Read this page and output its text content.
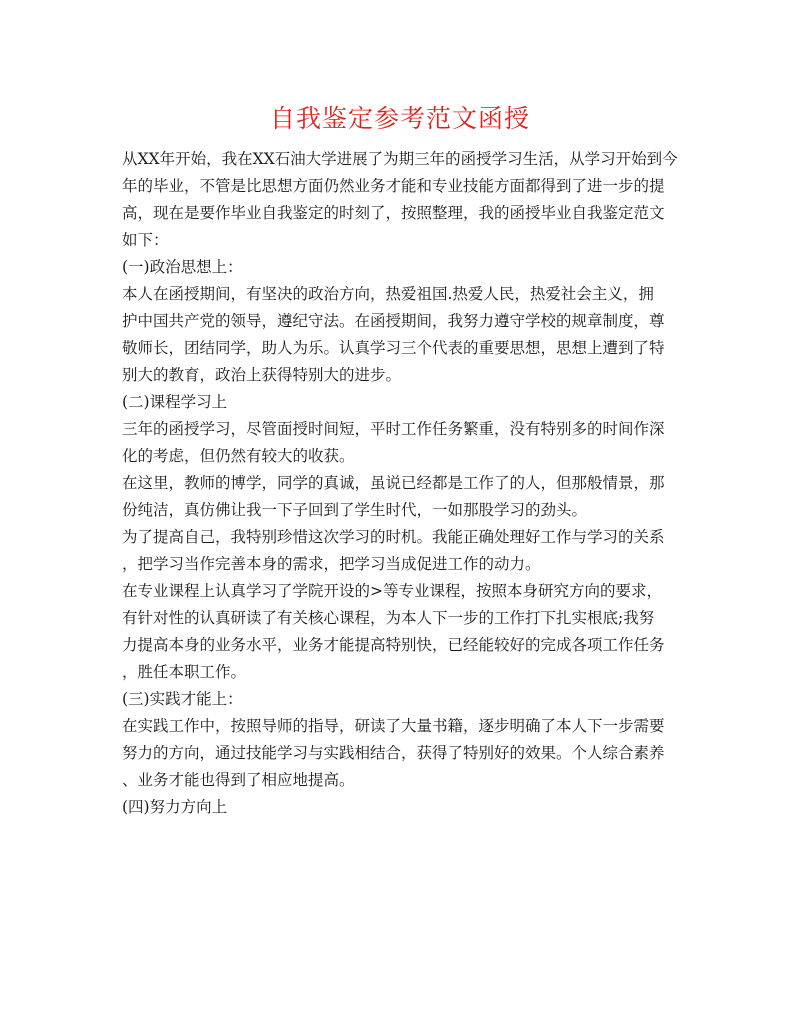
自我鉴定参考范文函授
从XX年开始，我在XX石油大学进展了为期三年的函授学习生活，从学习开始到今
年的毕业，不管是比思想方面仍然业务才能和专业技能方面都得到了进一步的提
高，现在是要作毕业自我鉴定的时刻了，按照整理，我的函授毕业自我鉴定范文
如下：
(一)政治思想上：
本人在函授期间，有坚决的政治方向，热爱祖国.热爱人民，热爱社会主义，拥
护中国共产党的领导，遵纪守法。在函授期间，我努力遵守学校的规章制度，尊
敬师长，团结同学，助人为乐。认真学习三个代表的重要思想，思想上遭到了特
别大的教育，政治上获得特别大的进步。
(二)课程学习上
三年的函授学习，尽管面授时间短，平时工作任务繁重，没有特别多的时间作深
化的考虑，但仍然有较大的收获。
在这里，教师的博学，同学的真诚，虽说已经都是工作了的人，但那般情景，那
份纯洁，真仿佛让我一下子回到了学生时代，一如那股学习的劲头。
为了提高自己，我特别珍惜这次学习的时机。我能正确处理好工作与学习的关系
，把学习当作完善本身的需求，把学习当成促进工作的动力。
在专业课程上认真学习了学院开设的>等专业课程，按照本身研究方向的要求，
有针对性的认真研读了有关核心课程，为本人下一步的工作打下扎实根底;我努
力提高本身的业务水平，业务才能提高特别快，已经能较好的完成各项工作任务
，胜任本职工作。
(三)实践才能上：
在实践工作中，按照导师的指导，研读了大量书籍，逐步明确了本人下一步需要
努力的方向，通过技能学习与实践相结合，获得了特别好的效果。个人综合素养
、业务才能也得到了相应地提高。
(四)努力方向上
